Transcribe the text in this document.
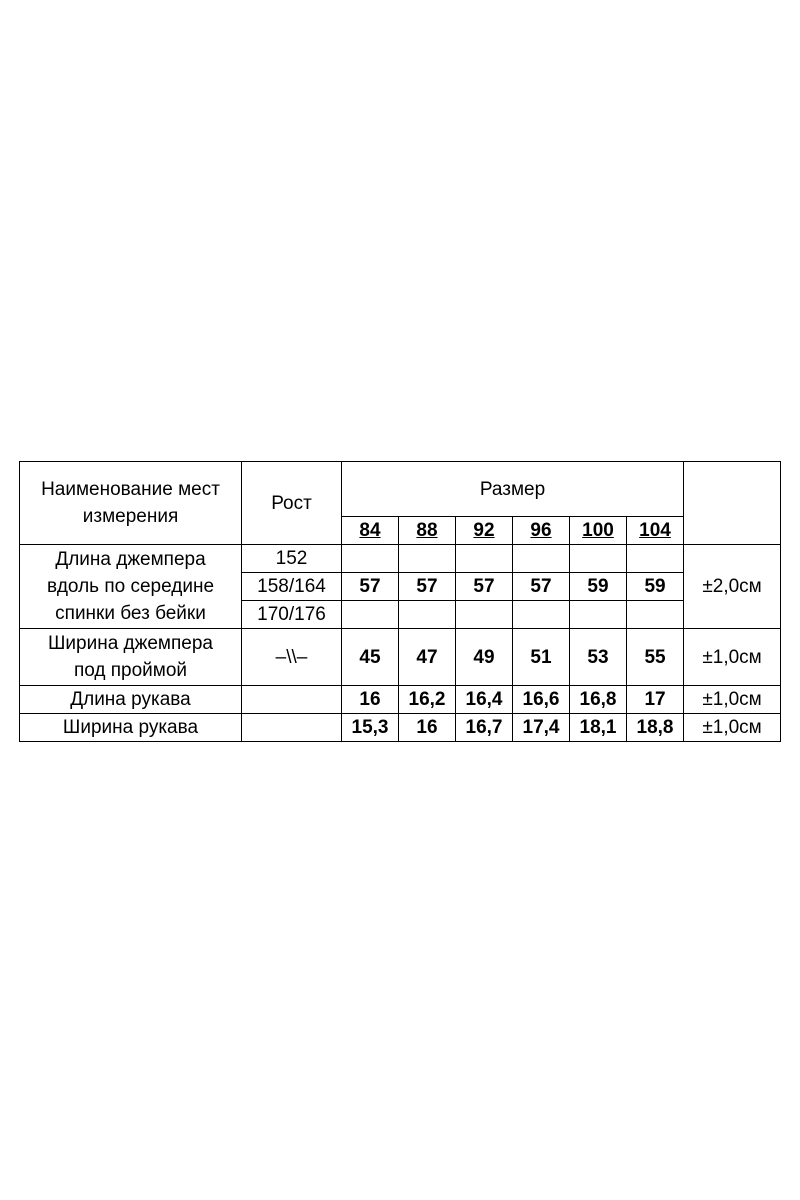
Наименование мест
измерения	Рост	Размер						
		84	88	92	96	100	104	

Длина джемпера
вдоль по середине
спинки без бейки	152							±2,0см
	158/164	57	57	57	57	59	59	
	170/176							

Ширина джемпера
под проймой	–\\–	45	47	49	51	53	55	±1,0см
Длина рукава		16	16,2	16,4	16,6	16,8	17	±1,0см
Ширина рукава		15,3	16	16,7	17,4	18,1	18,8	±1,0см
